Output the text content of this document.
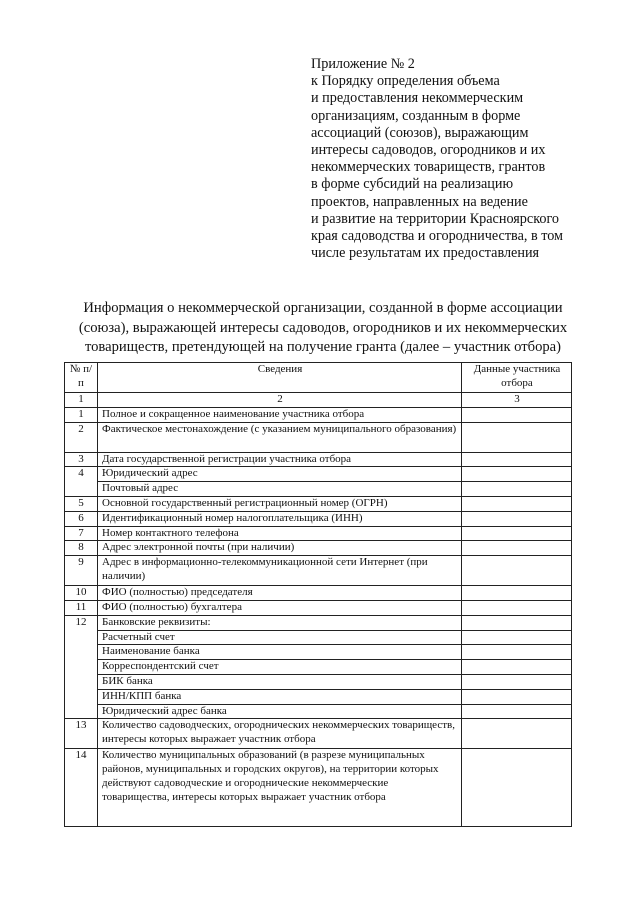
Приложение № 2
к Порядку определения объема
и предоставления некоммерческим
организациям, созданным в форме
ассоциаций (союзов), выражающим
интересы садоводов, огородников и их
некоммерческих товариществ, грантов
в форме субсидий на реализацию
проектов, направленных на ведение
и развитие на территории Красноярского
края садоводства и огородничества, в том
числе результатам их предоставления
Информация о некоммерческой организации, созданной в форме ассоциации
(союза), выражающей интересы садоводов, огородников и их некоммерческих
товариществ, претендующей на получение гранта (далее – участник отбора)
№ п/п	Сведения	Данные участника отбора
1	2	3
1	Полное и сокращенное наименование участника отбора	
2	Фактическое местонахождение (с указанием муниципального образования)	
3	Дата государственной регистрации участника отбора	
4	Юридический адрес	
	Почтовый адрес	
5	Основной государственный регистрационный номер (ОГРН)	
6	Идентификационный номер налогоплательщика (ИНН)	
7	Номер контактного телефона	
8	Адрес электронной почты (при наличии)	
9	Адрес в информационно-телекоммуникационной сети Интернет (при наличии)	
10	ФИО (полностью) председателя	
11	ФИО (полностью) бухгалтера	
12	Банковские реквизиты:	
	Расчетный счет	
	Наименование банка	
	Корреспондентский счет	
	БИК банка	
	ИНН/КПП банка	
	Юридический адрес банка	
13	Количество садоводческих, огороднических некоммерческих товариществ, интересы которых выражает участник отбора	
14	Количество муниципальных образований (в разрезе муниципальных районов, муниципальных и городских округов), на территории которых действуют садоводческие и огороднические некоммерческие товарищества, интересы которых выражает участник отбора	
